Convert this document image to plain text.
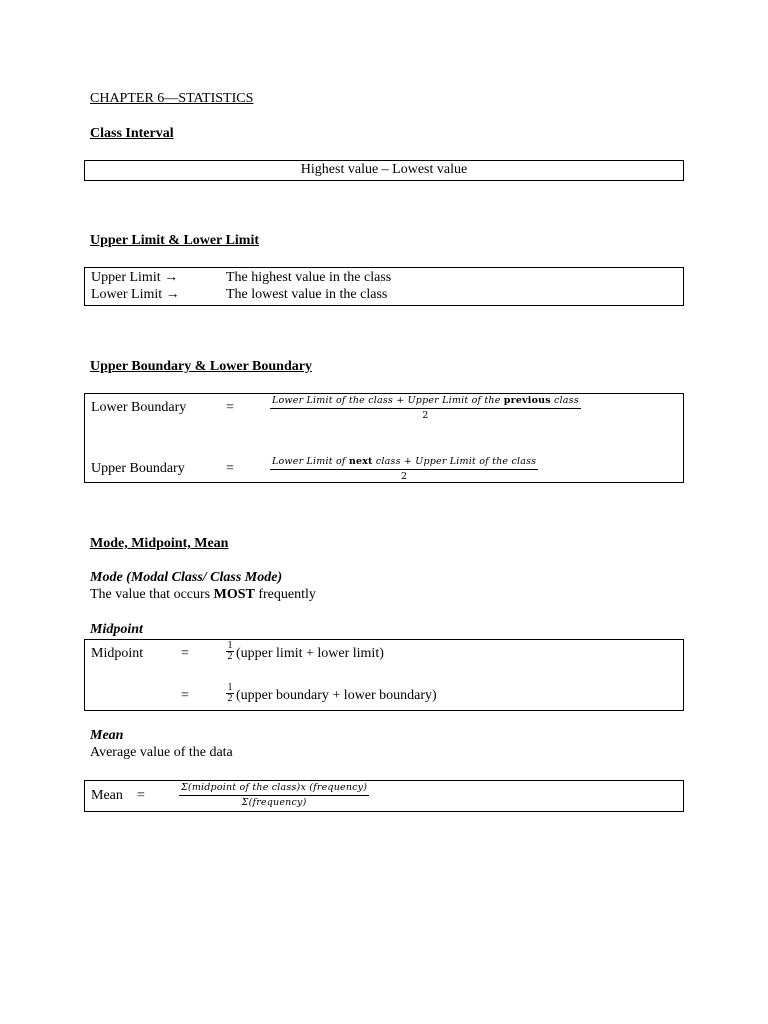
CHAPTER 6—STATISTICS
Class Interval
Highest value – Lowest value
Upper Limit & Lower Limit
Upper Limit →	The highest value in the class
Lower Limit →	The lowest value in the class
Upper Boundary & Lower Boundary
Lower Boundary	=	Lower Limit of the class + Upper Limit of the previous class
2
Upper Boundary	=	Lower Limit of next class + Upper Limit of the class
2
Mode, Midpoint, Mean
Mode (Modal Class/ Class Mode)
The value that occurs MOST frequently
Midpoint
Midpoint	=
1
2 (upper limit + lower limit)
=
1
2 (upper boundary + lower boundary)
Mean
Average value of the data
Mean =
Σ(midpoint of the class)x (frequency)
Σ(frequency)
